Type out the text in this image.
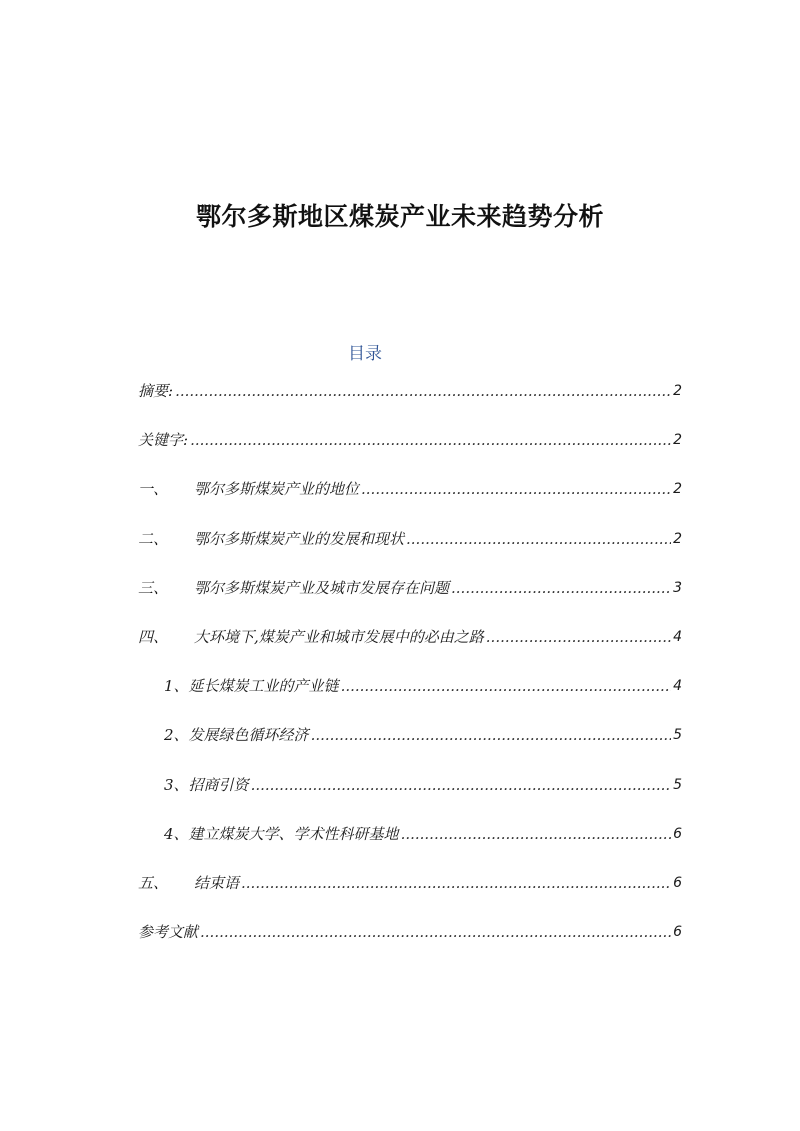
鄂尔多斯地区煤炭产业未来趋势分析
目录
摘要: .....	2
关键字: .....	2
一、	鄂尔多斯煤炭产业的地位 .....	2
二、	鄂尔多斯煤炭产业的发展和现状 .....	2
三、	鄂尔多斯煤炭产业及城市发展存在问题 .....	3
四、	大环境下,煤炭产业和城市发展中的必由之路 .....	4
1、 延长煤炭工业的产业链 .....	4
2、 发展绿色循环经济 .....	5
3、 招商引资 .....	5
4、 建立煤炭大学、学术性科研基地 .....	6
五、	结束语 .....	6
参考文献 .....	6
